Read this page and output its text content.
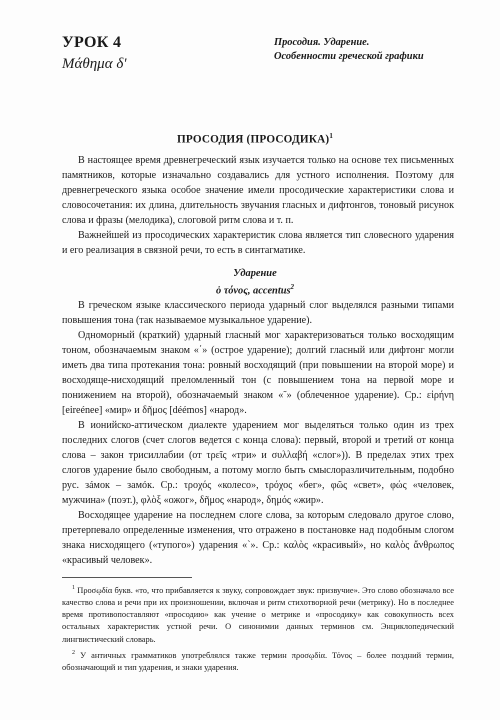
УРОК 4
Μάθημα δʹ
Просодия. Ударение.
Особенности греческой графики
ПРОСОДИЯ (ПРОСОДИКА)$^1$

В настоящее время древнегреческий язык изучается только на основе тех письменных памятников, которые изначально создавались для устного исполнения. Поэтому для древнегреческого языка особое значение имели просодические характеристики слова и словосочетания: их длина, длительность звучания гласных и дифтонгов, тоновый рисунок слова и фразы (мелодика), слоговой ритм слова и т. п.

Важнейшей из просодических характеристик слова является тип словесного ударения и его реализация в связной речи, то есть в синтагматике.

Ударение
ὁ τόνος, accentus$^2$

В греческом языке классического периода ударный слог выделялся разными типами повышения тона (так называемое музыкальное ударение).

Одноморный (краткий) ударный гласный мог характеризоваться только восходящим тоном, обозначаемым знаком «΄» (острое ударение); долгий гласный или дифтонг могли иметь два типа протекания тона: ровный восходящий (при повышении на второй море) и восходяще-нисходящий преломленный тон (с повышением тона на первой море и понижением на второй), обозначаемый знаком «῀» (облеченное ударение). Ср.: εἰρήνη [eireénee] «мир» и δῆμος [déémos] «народ».

В ионийско-аттическом диалекте ударением мог выделяться только один из трех последних слогов (счет слогов ведется с конца слова): первый, второй и третий от конца слова – закон трисиллабии (от τρεῖς «три» и συλλαβή «слог»)). В пределах этих трех слогов ударение было свободным, а потому могло быть смыслоразличительным, подобно рус. зáмок – замóк. Ср.: τροχός «колесо», τρόχος «бег», φῶς «свет», φώς «человек, мужчина» (поэт.), φλὸξ «ожог», δῆμος «народ», δημός «жир».

Восходящее ударение на последнем слоге слова, за которым следовало другое слово, претерпевало определенные изменения, что отражено в постановке над подобным слогом знака нисходящего («тупого») ударения «`». Ср.: καλὸς «красивый», но καλὸς ἄνθρωπος «красивый человек».

$^1$ Προσῳδία букв. «то, что прибавляется к звуку, сопровождает звук: призвучие». Это слово обозначало все качество слова и речи при их произношении, включая и ритм стихотворной речи (метрику). Но в последнее время противопоставляют «просодию» как учение о метрике и «просодику» как совокупность всех остальных характеристик устной речи. О синонимии данных терминов см. Энциклопедический лингвистический словарь.

$^2$ У античных грамматиков употреблялся также термин προσῳδία. Τόνος – более поздний термин, обозначающий и тип ударения, и знаки ударения.
